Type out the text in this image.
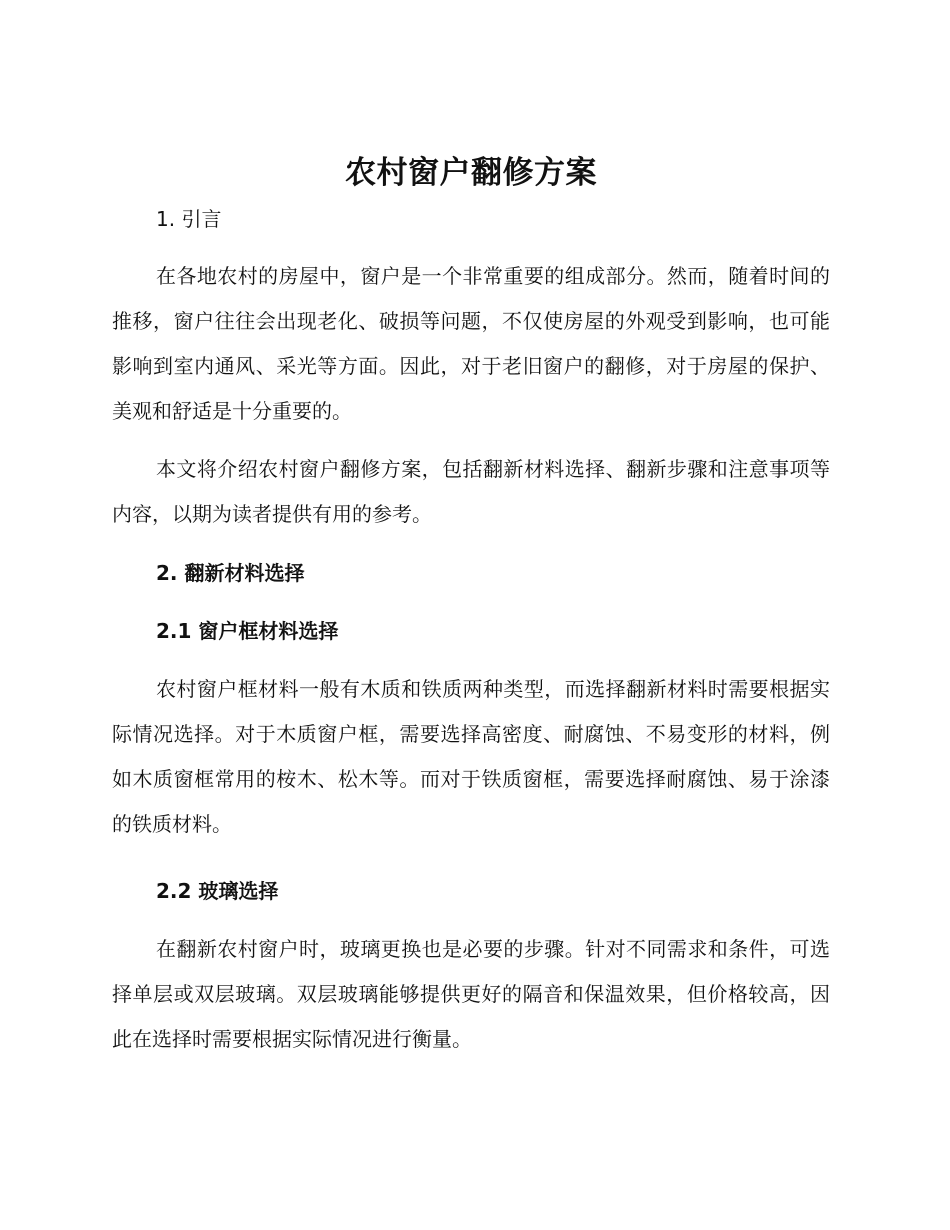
农村窗户翻修方案
1. 引言

在各地农村的房屋中，窗户是一个非常重要的组成部分。然而，随着时间的推移，窗户往往会出现老化、破损等问题，不仅使房屋的外观受到影响，也可能影响到室内通风、采光等方面。因此，对于老旧窗户的翻修，对于房屋的保护、美观和舒适是十分重要的。

本文将介绍农村窗户翻修方案，包括翻新材料选择、翻新步骤和注意事项等内容，以期为读者提供有用的参考。

2. 翻新材料选择
2.1 窗户框材料选择

农村窗户框材料一般有木质和铁质两种类型，而选择翻新材料时需要根据实际情况选择。对于木质窗户框，需要选择高密度、耐腐蚀、不易变形的材料，例如木质窗框常用的桉木、松木等。而对于铁质窗框，需要选择耐腐蚀、易于涂漆的铁质材料。

2.2 玻璃选择

在翻新农村窗户时，玻璃更换也是必要的步骤。针对不同需求和条件，可选择单层或双层玻璃。双层玻璃能够提供更好的隔音和保温效果，但价格较高，因此在选择时需要根据实际情况进行衡量。
